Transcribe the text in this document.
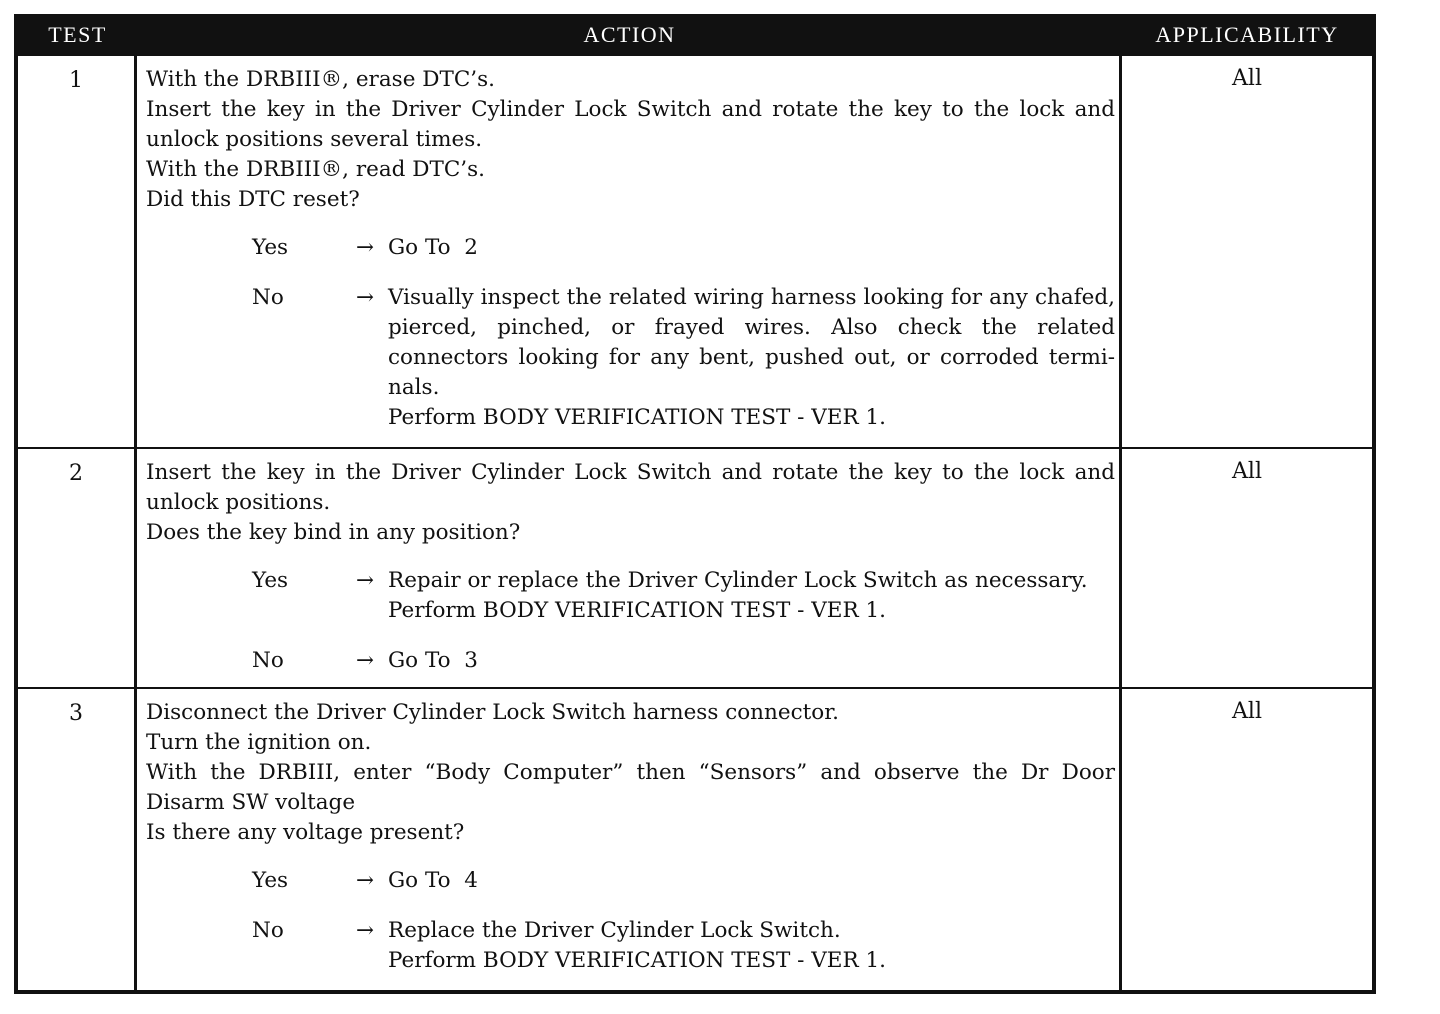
TEST	ACTION	APPLICABILITY
1	With the DRBIII®, erase DTC’s.

Insert the key in the Driver Cylinder Lock Switch and rotate the key to the lock and unlock positions several times.

With the DRBIII®, read DTC’s.

Did this DTC reset?

Yes	→ Go To  2
No	→ Visually inspect the related wiring harness looking for any chafed, pierced, pinched, or frayed wires. Also check the related connectors looking for any bent, pushed out, or corroded termi-nals.
Perform BODY VERIFICATION TEST - VER 1.
All
2	Insert the key in the Driver Cylinder Lock Switch and rotate the key to the lock and unlock positions.

Does the key bind in any position?

Yes	→ Repair or replace the Driver Cylinder Lock Switch as necessary.
Perform BODY VERIFICATION TEST - VER 1.
No	→ Go To  3
All
3	Disconnect the Driver Cylinder Lock Switch harness connector.

Turn the ignition on.

With the DRBIII, enter “Body Computer” then “Sensors” and observe the Dr Door Disarm SW voltage

Is there any voltage present?

Yes	→ Go To  4
No	→ Replace the Driver Cylinder Lock Switch.
Perform BODY VERIFICATION TEST - VER 1.
All
